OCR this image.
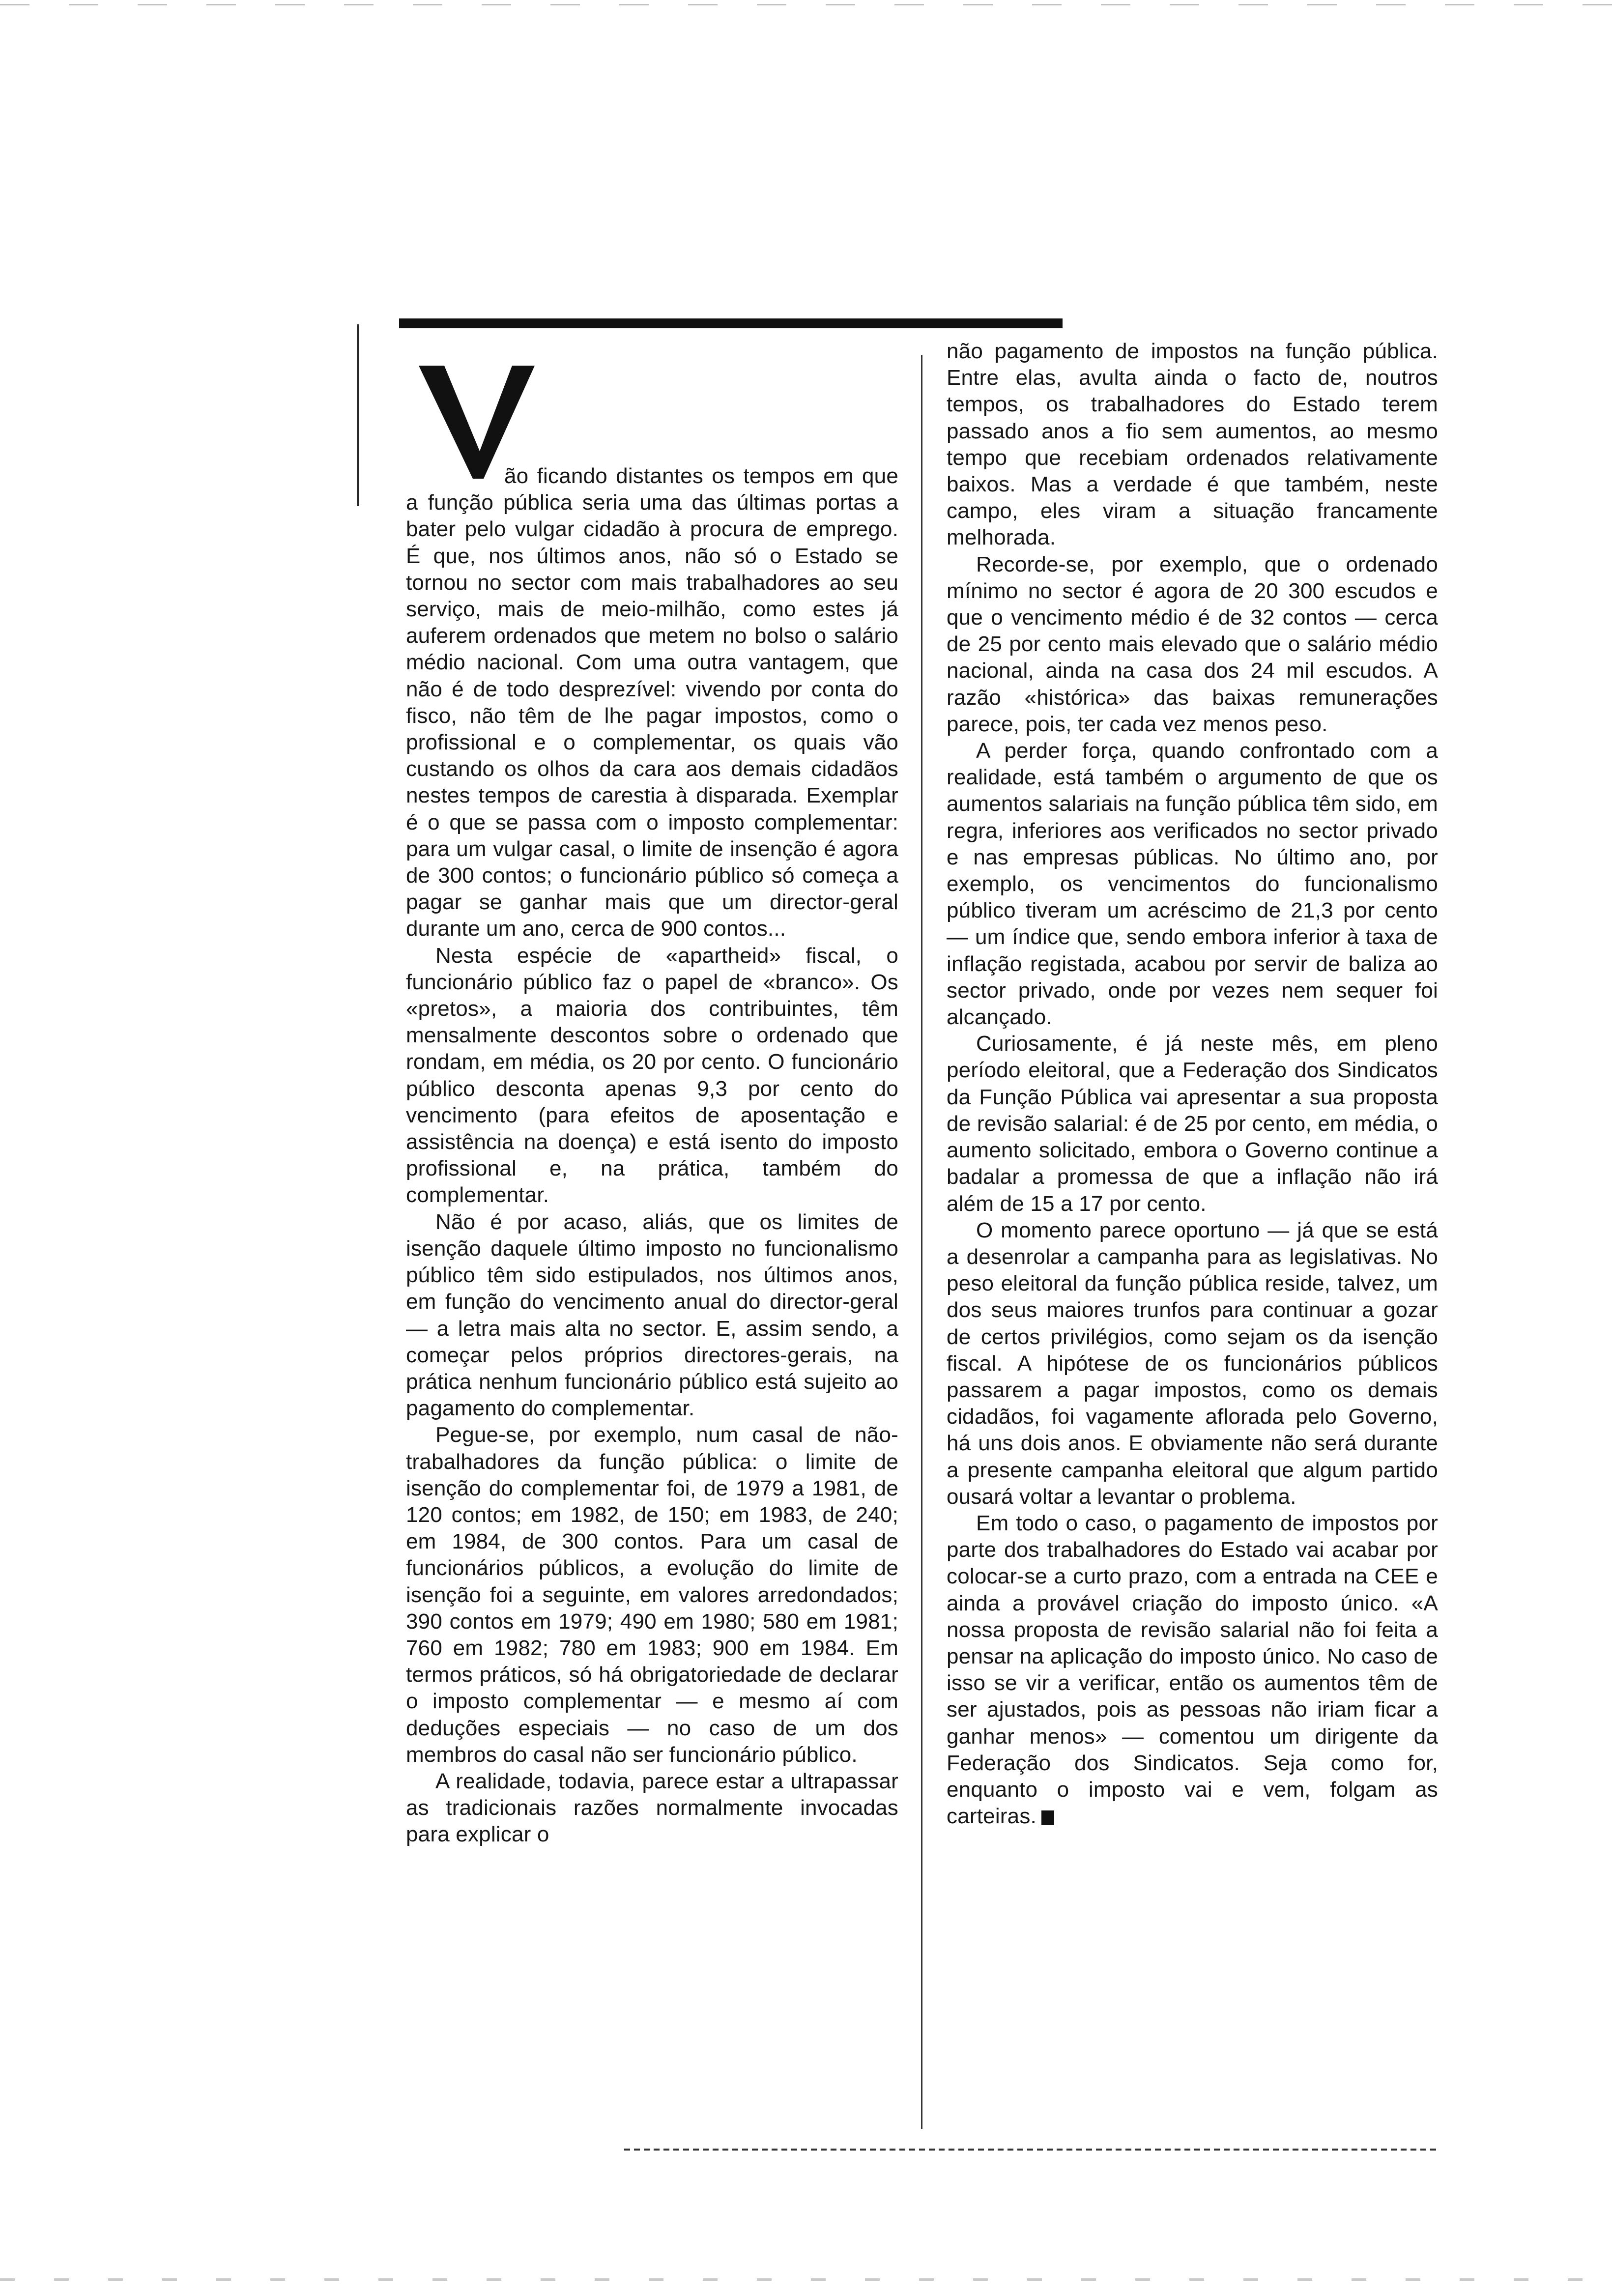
ão ficando distantes os tempos em que a função pública seria uma das últimas portas a bater pelo vulgar cidadão à procura de emprego. É que, nos últimos anos, não só o Estado se tornou no sector com mais trabalhadores ao seu serviço, mais de meio-milhão, como estes já auferem ordenados que metem no bolso o salário médio nacional. Com uma outra vantagem, que não é de todo desprezível: vivendo por conta do fisco, não têm de lhe pagar impostos, como o profissional e o complementar, os quais vão custando os olhos da cara aos demais cidadãos nestes tempos de carestia à disparada. Exemplar é o que se passa com o imposto complementar: para um vulgar casal, o limite de insenção é agora de 300 contos; o funcionário público só começa a pagar se ganhar mais que um director-geral durante um ano, cerca de 900 contos...

Nesta espécie de «apartheid» fiscal, o funcionário público faz o papel de «branco». Os «pretos», a maioria dos contribuintes, têm mensalmente descontos sobre o ordenado que rondam, em média, os 20 por cento. O funcionário público desconta apenas 9,3 por cento do vencimento (para efeitos de aposentação e assistência na doença) e está isento do imposto profissional e, na prática, também do complementar.

Não é por acaso, aliás, que os limites de isenção daquele último imposto no funcionalismo público têm sido estipulados, nos últimos anos, em função do vencimento anual do director-geral — a letra mais alta no sector. E, assim sendo, a começar pelos próprios directores-gerais, na prática nenhum funcionário público está sujeito ao pagamento do complementar.

Pegue-se, por exemplo, num casal de não-trabalhadores da função pública: o limite de isenção do complementar foi, de 1979 a 1981, de 120 contos; em 1982, de 150; em 1983, de 240; em 1984, de 300 contos. Para um casal de funcionários públicos, a evolução do limite de isenção foi a seguinte, em valores arredondados; 390 contos em 1979; 490 em 1980; 580 em 1981; 760 em 1982; 780 em 1983; 900 em 1984. Em termos práticos, só há obrigatoriedade de declarar o imposto complementar — e mesmo aí com deduções especiais — no caso de um dos membros do casal não ser funcionário público.

A realidade, todavia, parece estar a ultrapassar as tradicionais razões normalmente invocadas para explicar o

não pagamento de impostos na função pública. Entre elas, avulta ainda o facto de, noutros tempos, os trabalhadores do Estado terem passado anos a fio sem aumentos, ao mesmo tempo que recebiam ordenados relativamente baixos. Mas a verdade é que também, neste campo, eles viram a situação francamente melhorada.

Recorde-se, por exemplo, que o ordenado mínimo no sector é agora de 20 300 escudos e que o vencimento médio é de 32 contos — cerca de 25 por cento mais elevado que o salário médio nacional, ainda na casa dos 24 mil escudos. A razão «histórica» das baixas remunerações parece, pois, ter cada vez menos peso.

A perder força, quando confrontado com a realidade, está também o argumento de que os aumentos salariais na função pública têm sido, em regra, inferiores aos verificados no sector privado e nas empresas públicas. No último ano, por exemplo, os vencimentos do funcionalismo público tiveram um acréscimo de 21,3 por cento — um índice que, sendo embora inferior à taxa de inflação registada, acabou por servir de baliza ao sector privado, onde por vezes nem sequer foi alcançado.

Curiosamente, é já neste mês, em pleno período eleitoral, que a Federação dos Sindicatos da Função Pública vai apresentar a sua proposta de revisão salarial: é de 25 por cento, em média, o aumento solicitado, embora o Governo continue a badalar a promessa de que a inflação não irá além de 15 a 17 por cento.

O momento parece oportuno — já que se está a desenrolar a campanha para as legislativas. No peso eleitoral da função pública reside, talvez, um dos seus maiores trunfos para continuar a gozar de certos privilégios, como sejam os da isenção fiscal. A hipótese de os funcionários públicos passarem a pagar impostos, como os demais cidadãos, foi vagamente aflorada pelo Governo, há uns dois anos. E obviamente não será durante a presente campanha eleitoral que algum partido ousará voltar a levantar o problema.

Em todo o caso, o pagamento de impostos por parte dos trabalhadores do Estado vai acabar por colocar-se a curto prazo, com a entrada na CEE e ainda a provável criação do imposto único. «A nossa proposta de revisão salarial não foi feita a pensar na aplicação do imposto único. No caso de isso se vir a verificar, então os aumentos têm de ser ajustados, pois as pessoas não iriam ficar a ganhar menos» — comentou um dirigente da Federação dos Sindicatos. Seja como for, enquanto o imposto vai e vem, folgam as carteiras.
